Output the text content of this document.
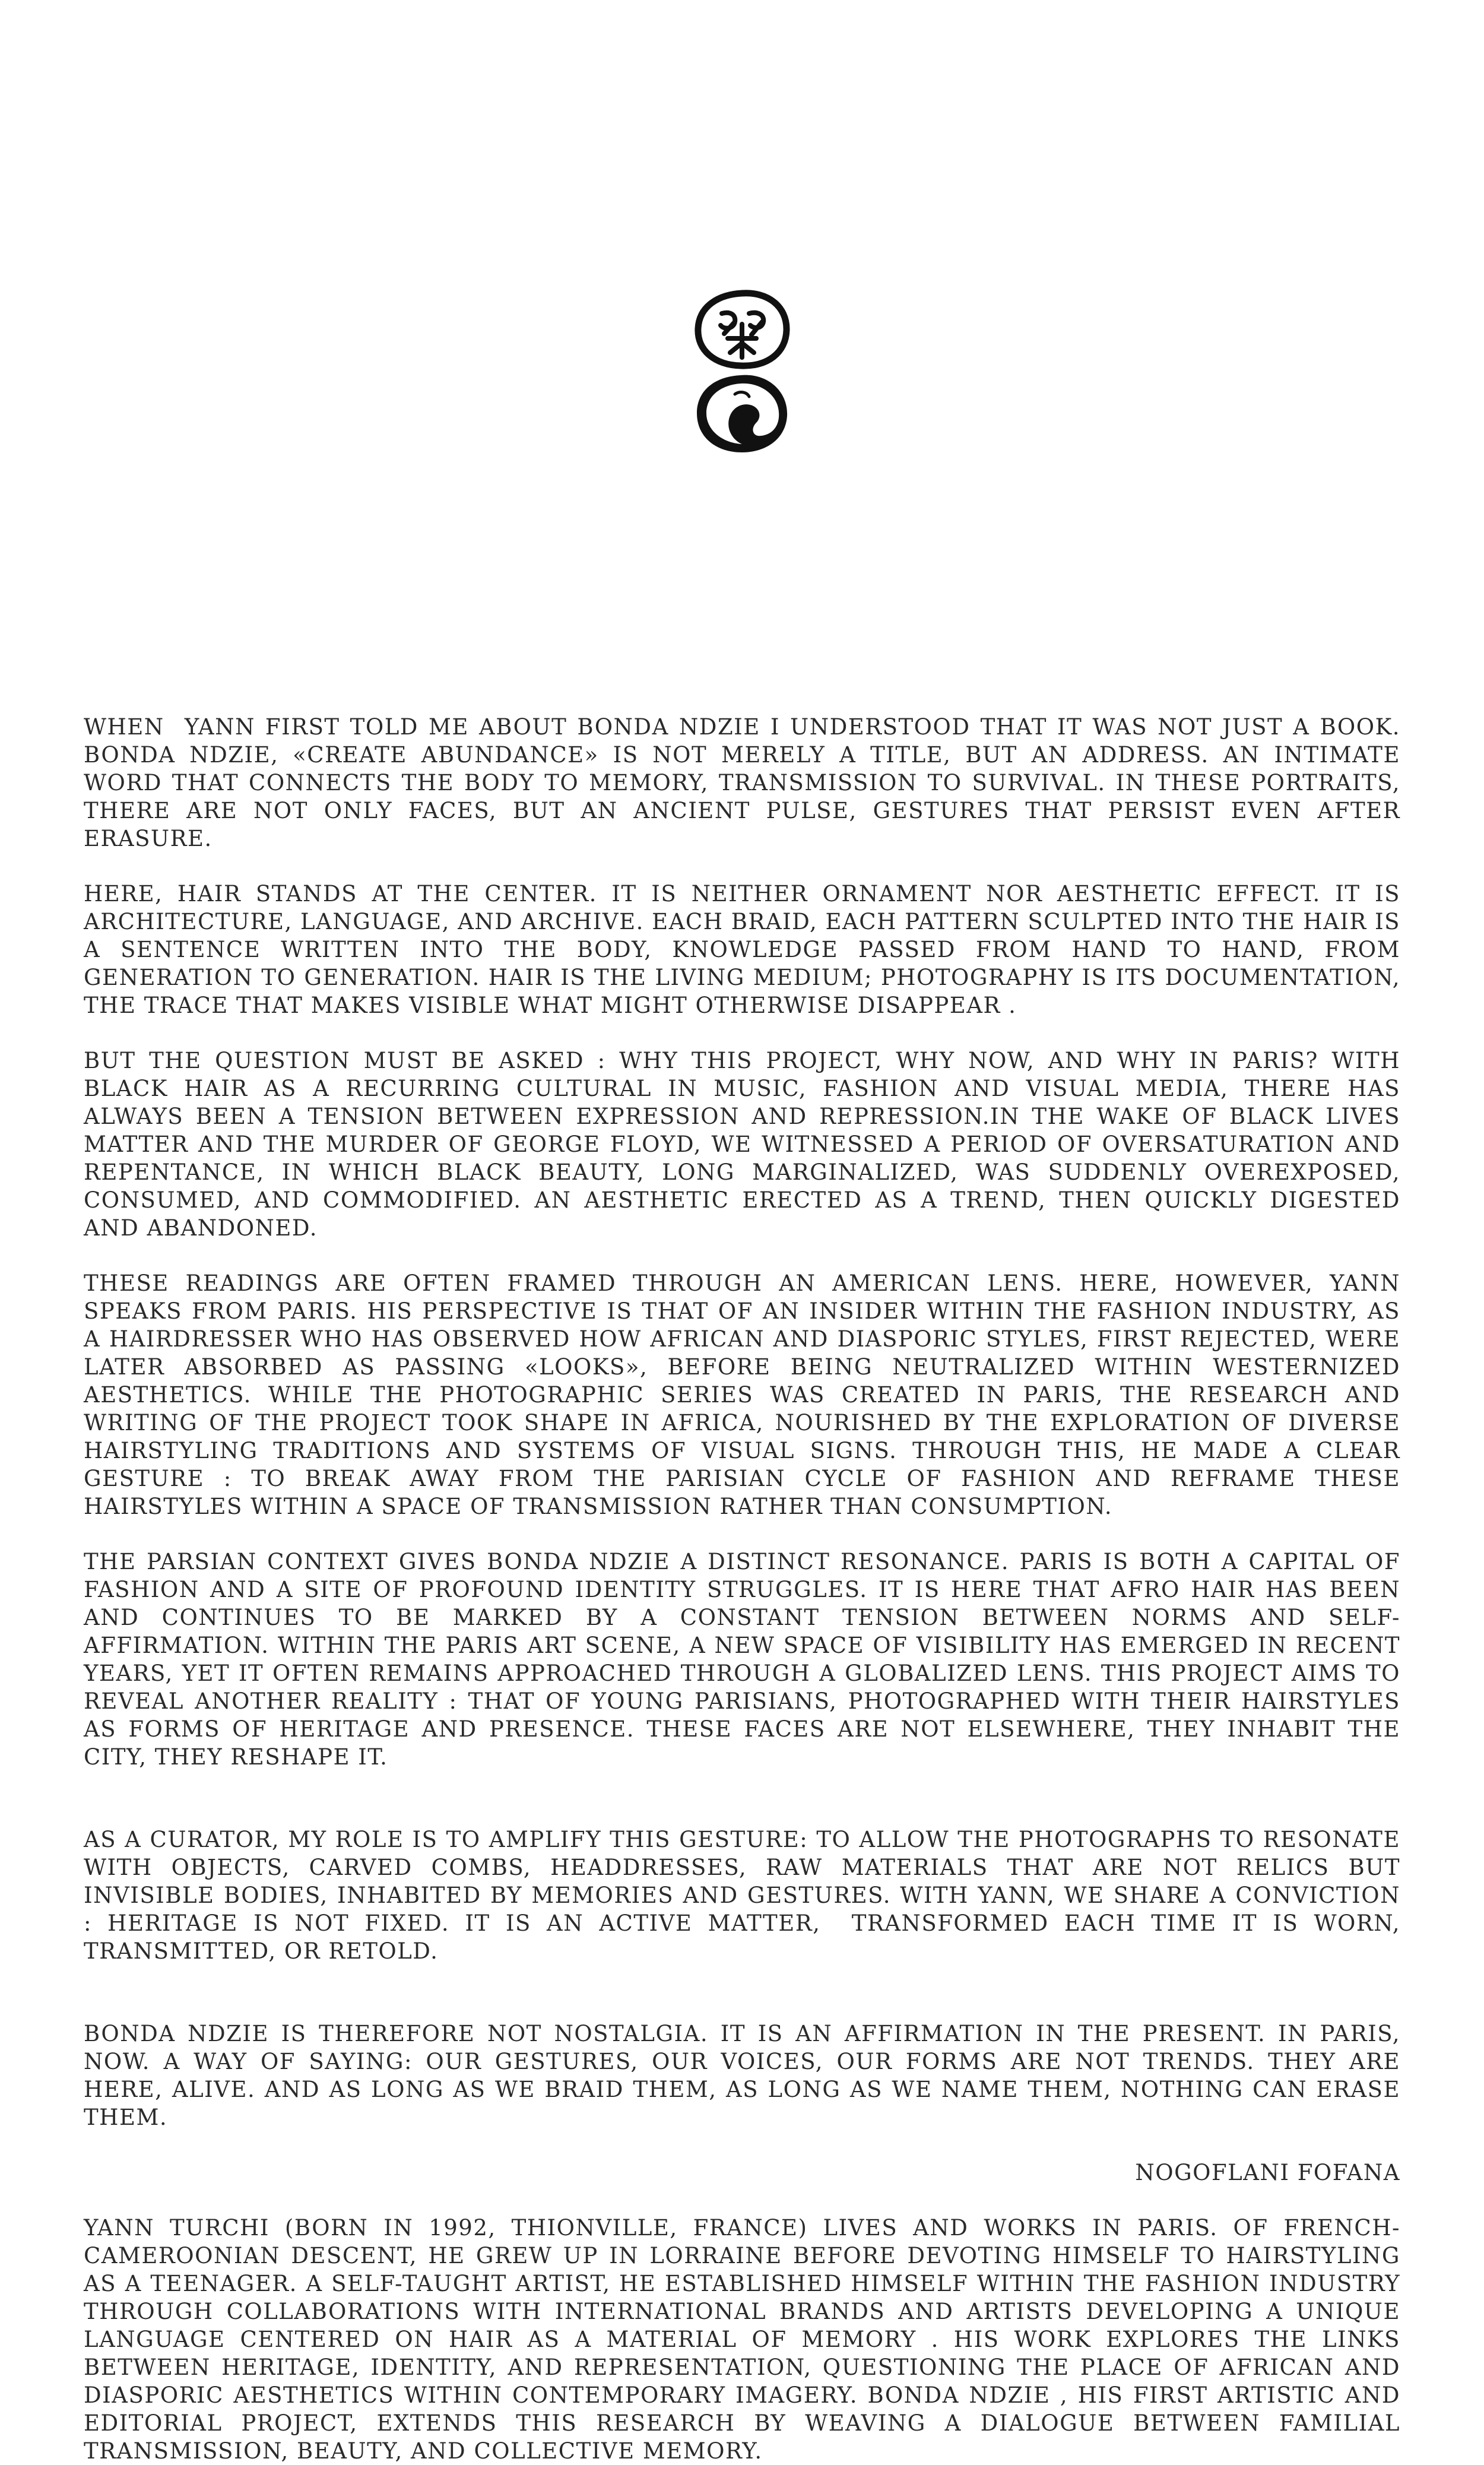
WHEN  YANN FIRST TOLD ME ABOUT BONDA NDZIE I UNDERSTOOD THAT IT WAS NOT JUST A BOOK. BONDA NDZIE, «CREATE ABUNDANCE» IS NOT MERELY A TITLE, BUT AN ADDRESS. AN INTIMATE WORD THAT CONNECTS THE BODY TO MEMORY, TRANSMISSION TO SURVIVAL. IN THESE PORTRAITS, THERE ARE NOT ONLY FACES, BUT AN ANCIENT PULSE, GESTURES THAT PERSIST EVEN AFTER ERASURE.

HERE, HAIR STANDS AT THE CENTER. IT IS NEITHER ORNAMENT NOR AESTHETIC EFFECT. IT IS ARCHITECTURE, LANGUAGE, AND ARCHIVE. EACH BRAID, EACH PATTERN SCULPTED INTO THE HAIR IS A SENTENCE WRITTEN INTO THE BODY, KNOWLEDGE PASSED FROM HAND TO HAND, FROM GENERATION TO GENERATION. HAIR IS THE LIVING MEDIUM; PHOTOGRAPHY IS ITS DOCUMENTATION, THE TRACE THAT MAKES VISIBLE WHAT MIGHT OTHERWISE DISAPPEAR .

BUT THE QUESTION MUST BE ASKED : WHY THIS PROJECT, WHY NOW, AND WHY IN PARIS? WITH BLACK HAIR AS A RECURRING CULTURAL IN MUSIC, FASHION AND VISUAL MEDIA, THERE HAS ALWAYS BEEN A TENSION BETWEEN EXPRESSION AND REPRESSION.IN THE WAKE OF BLACK LIVES MATTER AND THE MURDER OF GEORGE FLOYD, WE WITNESSED A PERIOD OF OVERSATURATION AND REPENTANCE, IN WHICH BLACK BEAUTY, LONG MARGINALIZED, WAS SUDDENLY OVEREXPOSED, CONSUMED, AND COMMODIFIED. AN AESTHETIC ERECTED AS A TREND, THEN QUICKLY DIGESTED AND ABANDONED.

THESE READINGS ARE OFTEN FRAMED THROUGH AN AMERICAN LENS. HERE, HOWEVER, YANN SPEAKS FROM PARIS. HIS PERSPECTIVE IS THAT OF AN INSIDER WITHIN THE FASHION INDUSTRY, AS A HAIRDRESSER WHO HAS OBSERVED HOW AFRICAN AND DIASPORIC STYLES, FIRST REJECTED, WERE LATER ABSORBED AS PASSING «LOOKS», BEFORE BEING NEUTRALIZED WITHIN WESTERNIZED AESTHETICS. WHILE THE PHOTOGRAPHIC SERIES WAS CREATED IN PARIS, THE RESEARCH AND WRITING OF THE PROJECT TOOK SHAPE IN AFRICA, NOURISHED BY THE EXPLORATION OF DIVERSE HAIRSTYLING TRADITIONS AND SYSTEMS OF VISUAL SIGNS. THROUGH THIS, HE MADE A CLEAR GESTURE : TO BREAK AWAY FROM THE PARISIAN CYCLE OF FASHION AND REFRAME THESE HAIRSTYLES WITHIN A SPACE OF TRANSMISSION RATHER THAN CONSUMPTION.

THE PARSIAN CONTEXT GIVES BONDA NDZIE A DISTINCT RESONANCE. PARIS IS BOTH A CAPITAL OF FASHION AND A SITE OF PROFOUND IDENTITY STRUGGLES. IT IS HERE THAT AFRO HAIR HAS BEEN AND CONTINUES TO BE MARKED BY A CONSTANT TENSION BETWEEN NORMS AND SELF-AFFIRMATION. WITHIN THE PARIS ART SCENE, A NEW SPACE OF VISIBILITY HAS EMERGED IN RECENT YEARS, YET IT OFTEN REMAINS APPROACHED THROUGH A GLOBALIZED LENS. THIS PROJECT AIMS TO REVEAL ANOTHER REALITY : THAT OF YOUNG PARISIANS, PHOTOGRAPHED WITH THEIR HAIRSTYLES AS FORMS OF HERITAGE AND PRESENCE. THESE FACES ARE NOT ELSEWHERE, THEY INHABIT THE CITY, THEY RESHAPE IT.

AS A CURATOR, MY ROLE IS TO AMPLIFY THIS GESTURE: TO ALLOW THE PHOTOGRAPHS TO RESONATE WITH OBJECTS, CARVED COMBS, HEADDRESSES, RAW MATERIALS THAT ARE NOT RELICS BUT INVISIBLE BODIES, INHABITED BY MEMORIES AND GESTURES. WITH YANN, WE SHARE A CONVICTION : HERITAGE IS NOT FIXED. IT IS AN ACTIVE MATTER,  TRANSFORMED EACH TIME IT IS WORN, TRANSMITTED, OR RETOLD.

BONDA NDZIE IS THEREFORE NOT NOSTALGIA. IT IS AN AFFIRMATION IN THE PRESENT. IN PARIS, NOW. A WAY OF SAYING: OUR GESTURES, OUR VOICES, OUR FORMS ARE NOT TRENDS. THEY ARE HERE, ALIVE. AND AS LONG AS WE BRAID THEM, AS LONG AS WE NAME THEM, NOTHING CAN ERASE THEM.

NOGOFLANI FOFANA

YANN TURCHI (BORN IN 1992, THIONVILLE, FRANCE) LIVES AND WORKS IN PARIS. OF FRENCH-CAMEROONIAN DESCENT, HE GREW UP IN LORRAINE BEFORE DEVOTING HIMSELF TO HAIRSTYLING AS A TEENAGER. A SELF-TAUGHT ARTIST, HE ESTABLISHED HIMSELF WITHIN THE FASHION INDUSTRY THROUGH COLLABORATIONS WITH INTERNATIONAL BRANDS AND ARTISTS DEVELOPING A UNIQUE LANGUAGE CENTERED ON HAIR AS A MATERIAL OF MEMORY . HIS WORK EXPLORES THE LINKS BETWEEN HERITAGE, IDENTITY, AND REPRESENTATION, QUESTIONING THE PLACE OF AFRICAN AND DIASPORIC AESTHETICS WITHIN CONTEMPORARY IMAGERY. BONDA NDZIE , HIS FIRST ARTISTIC AND EDITORIAL PROJECT, EXTENDS THIS RESEARCH BY WEAVING A DIALOGUE BETWEEN FAMILIAL TRANSMISSION, BEAUTY, AND COLLECTIVE MEMORY.
